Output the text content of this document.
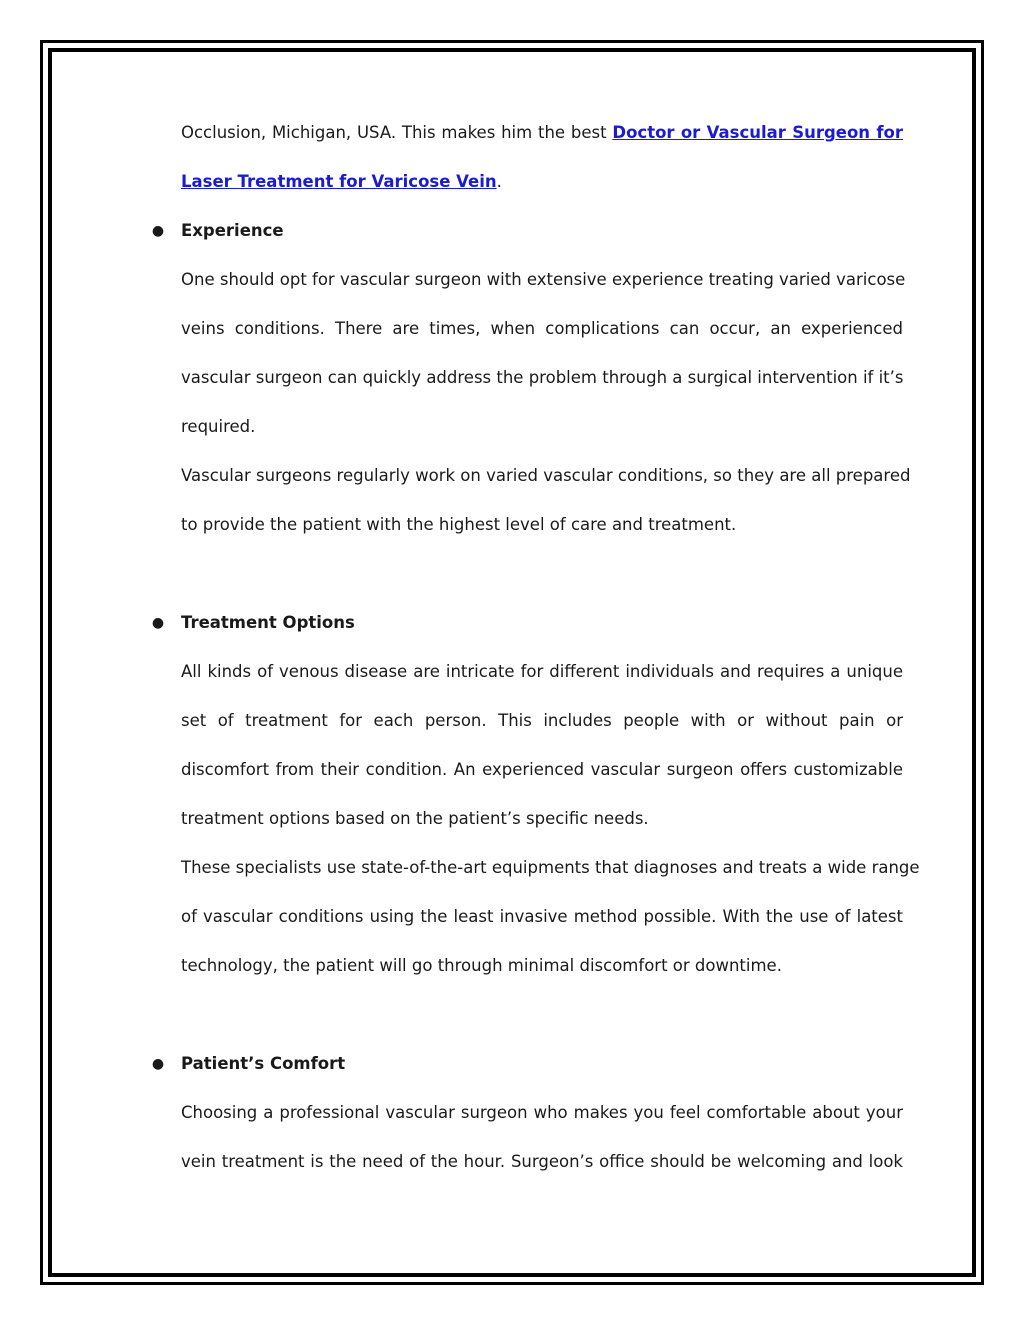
Occlusion, Michigan, USA. This makes him the best Doctor or Vascular Surgeon for
Laser Treatment for Varicose Vein.
● Experience
One should opt for vascular surgeon with extensive experience treating varied varicose
veins conditions. There are times, when complications can occur, an experienced
vascular surgeon can quickly address the problem through a surgical intervention if it’s
required.
Vascular surgeons regularly work on varied vascular conditions, so they are all prepared
to provide the patient with the highest level of care and treatment.
● Treatment Options
All kinds of venous disease are intricate for different individuals and requires a unique
set of treatment for each person. This includes people with or without pain or
discomfort from their condition. An experienced vascular surgeon offers customizable
treatment options based on the patient’s specific needs.
These specialists use state-of-the-art equipments that diagnoses and treats a wide range
of vascular conditions using the least invasive method possible. With the use of latest
technology, the patient will go through minimal discomfort or downtime.
● Patient’s Comfort
Choosing a professional vascular surgeon who makes you feel comfortable about your
vein treatment is the need of the hour. Surgeon’s office should be welcoming and look
